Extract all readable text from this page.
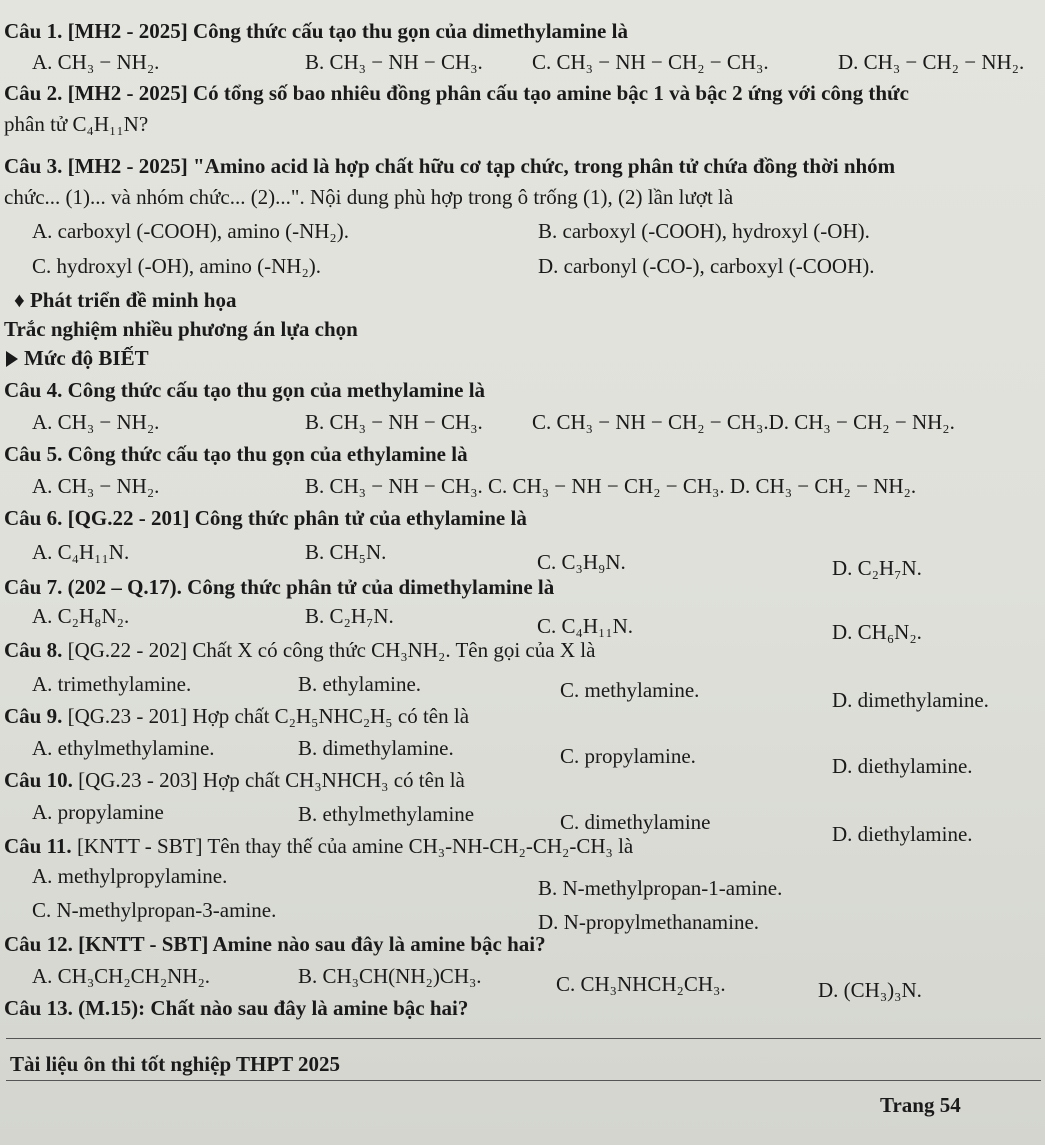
Câu 1. [MH2 - 2025] Công thức cấu tạo thu gọn của dimethylamine là
A. CH₃ − NH₂.	B. CH₃ − NH − CH₃. C. CH₃ − NH − CH₂ − CH₃.	D. CH₃ − CH₂ − NH₂.
Câu 2. [MH2 - 2025] Có tổng số bao nhiêu đồng phân cấu tạo amine bậc 1 và bậc 2 ứng với công thức
phân tử C₄H₁₁N?
Câu 3. [MH2 - 2025] "Amino acid là hợp chất hữu cơ tạp chức, trong phân tử chứa đồng thời nhóm
chức... (1)... và nhóm chức... (2)...". Nội dung phù hợp trong ô trống (1), (2) lần lượt là
A. carboxyl (-COOH), amino (-NH₂).	B. carboxyl (-COOH), hydroxyl (-OH).
C. hydroxyl (-OH), amino (-NH₂).	D. carbonyl (-CO-), carboxyl (-COOH).
♦ Phát triển đề minh họa
Trắc nghiệm nhiều phương án lựa chọn
Mức độ BIẾT
Câu 4. Công thức cấu tạo thu gọn của methylamine là
A. CH₃ − NH₂.	B. CH₃ − NH − CH₃. C. CH₃ − NH − CH₂ − CH₃.D. CH₃ − CH₂ − NH₂.
Câu 5. Công thức cấu tạo thu gọn của ethylamine là
A. CH₃ − NH₂.	B. CH₃ − NH − CH₃. C. CH₃ − NH − CH₂ − CH₃. D. CH₃ − CH₂ − NH₂.
Câu 6. [QG.22 - 201] Công thức phân tử của ethylamine là
A. C₄H₁₁N.	B. CH₅N.	C. C₃H₉N.	D. C₂H₇N.
Câu 7. (202 – Q.17). Công thức phân tử của dimethylamine là
A. C₂H₈N₂.	B. C₂H₇N.	C. C₄H₁₁N.	D. CH₆N₂.
Câu 8. [QG.22 - 202] Chất X có công thức CH₃NH₂. Tên gọi của X là
A. trimethylamine.	B. ethylamine.	C. methylamine.	D. dimethylamine.
Câu 9. [QG.23 - 201] Hợp chất C₂H₅NHC₂H₅ có tên là
A. ethylmethylamine.	B. dimethylamine.	C. propylamine.	D. diethylamine.
Câu 10. [QG.23 - 203] Hợp chất CH₃NHCH₃ có tên là
A. propylamine	B. ethylmethylamine	C. dimethylamine	D. diethylamine.
Câu 11. [KNTT - SBT] Tên thay thế của amine CH₃-NH-CH₂-CH₂-CH₃ là
A. methylpropylamine.	B. N-methylpropan-1-amine.
C. N-methylpropan-3-amine.	D. N-propylmethanamine.
Câu 12. [KNTT - SBT] Amine nào sau đây là amine bậc hai?
A. CH₃CH₂CH₂NH₂.	B. CH₃CH(NH₂)CH₃.	C. CH₃NHCH₂CH₃.	D. (CH₃)₃N.
Câu 13. (M.15): Chất nào sau đây là amine bậc hai?
Tài liệu ôn thi tốt nghiệp THPT 2025
Trang 54
